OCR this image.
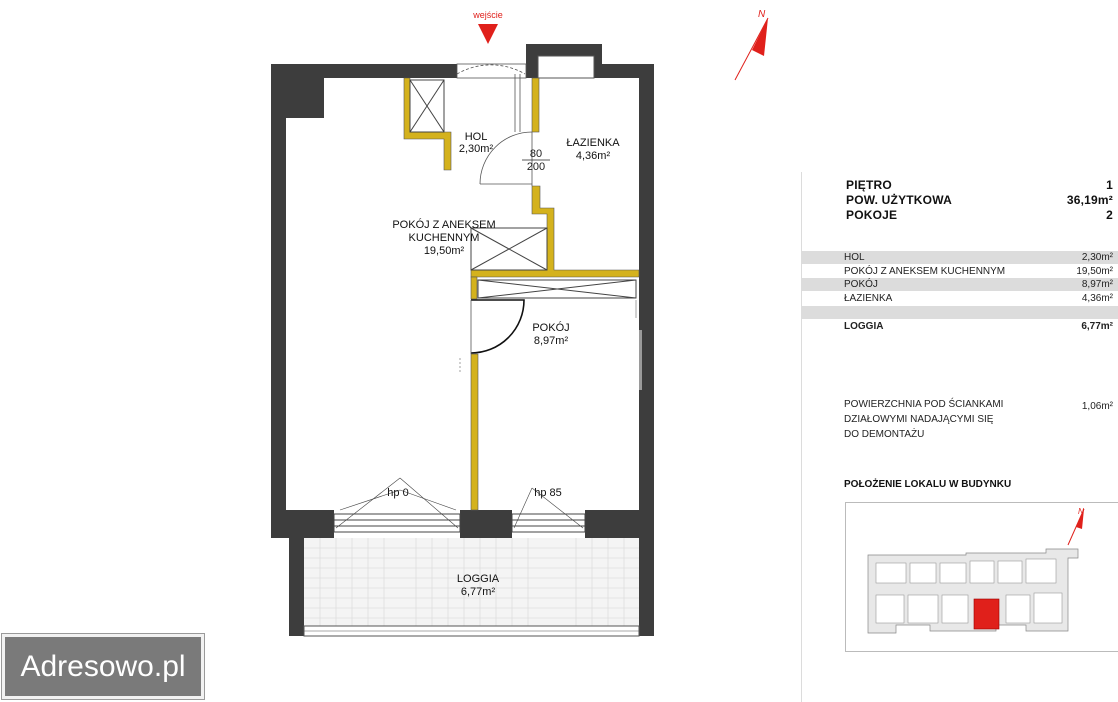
wejście	N
hp 0	hp 85
LOGGIA
6,77m²
HOL
2,30m²	80
200
ŁAZIENKA
4,36m²
POKÓJ Z ANEKSEM
KUCHENNYM
19,50m²
POKÓJ
8,97m²
PIĘTRO	1
POW. UŻYTKOWA	36,19m²
POKOJE	2
HOL	2,30m²
POKÓJ Z ANEKSEM KUCHENNYM	19,50m²
POKÓJ	8,97m²
ŁAZIENKA	4,36m²
LOGGIA	6,77m²
POWIERZCHNIA POD ŚCIANKAMI
DZIAŁOWYMI NADAJĄCYMI SIĘ
DO DEMONTAŻU
1,06m²
POŁOŻENIE LOKALU W BUDYNKU
N
Adresowo.pl
